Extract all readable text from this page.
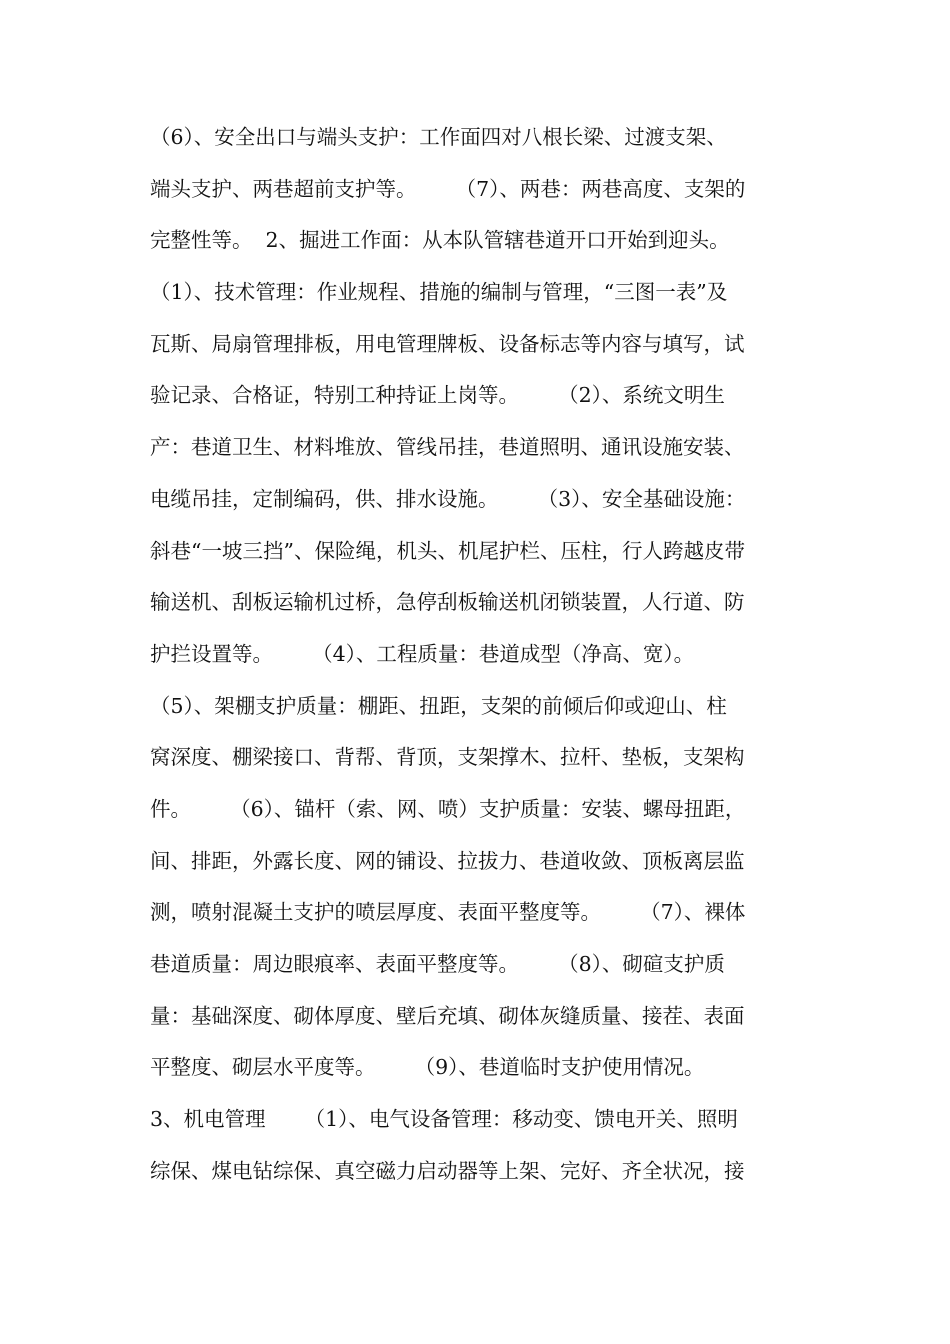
（6）、安全出口与端头支护：工作面四对八根长梁、过渡支架、
端头支护、两巷超前支护等。      （7）、两巷：两巷高度、支架的
完整性等。  2、掘进工作面：从本队管辖巷道开口开始到迎头。
（1）、技术管理：作业规程、措施的编制与管理，“三图一表”及
瓦斯、局扇管理排板，用电管理牌板、设备标志等内容与填写，试
验记录、合格证，特别工种持证上岗等。      （2）、系统文明生
产：巷道卫生、材料堆放、管线吊挂，巷道照明、通讯设施安装、
电缆吊挂，定制编码，供、排水设施。      （3）、安全基础设施：
斜巷“一坡三挡”、保险绳，机头、机尾护栏、压柱，行人跨越皮带
输送机、刮板运输机过桥，急停刮板输送机闭锁装置，人行道、防
护拦设置等。      （4）、工程质量：巷道成型（净高、宽）。
（5）、架棚支护质量：棚距、扭距，支架的前倾后仰或迎山、柱
窝深度、棚梁接口、背帮、背顶，支架撑木、拉杆、垫板，支架构
件。      （6）、锚杆（索、网、喷）支护质量：安装、螺母扭距，
间、排距，外露长度、网的铺设、拉拔力、巷道收敛、顶板离层监
测，喷射混凝土支护的喷层厚度、表面平整度等。      （7）、裸体
巷道质量：周边眼痕率、表面平整度等。      （8）、砌碹支护质
量：基础深度、砌体厚度、壁后充填、砌体灰缝质量、接茬、表面
平整度、砌层水平度等。      （9）、巷道临时支护使用情况。
3、机电管理      （1）、电气设备管理：移动变、馈电开关、照明
综保、煤电钻综保、真空磁力启动器等上架、完好、齐全状况，接
